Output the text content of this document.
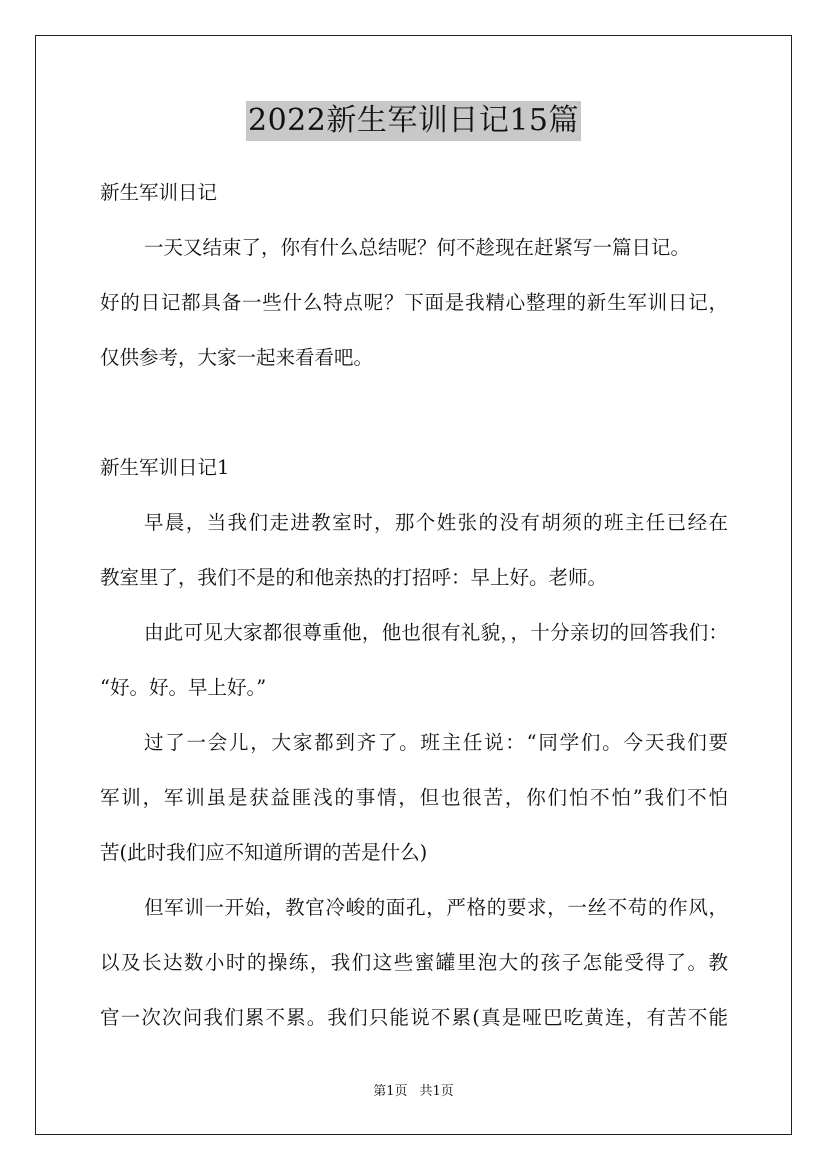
2022新生军训日记15篇
新生军训日记
一天又结束了，你有什么总结呢？何不趁现在赶紧写一篇日记。
好的日记都具备一些什么特点呢？下面是我精心整理的新生军训日记，
仅供参考，大家一起来看看吧。
新生军训日记1
早晨，当我们走进教室时，那个姓张的没有胡须的班主任已经在
教室里了，我们不是的和他亲热的打招呼：早上好。老师。
由此可见大家都很尊重他，他也很有礼貌，，十分亲切的回答我们：
“好。好。早上好。”
过了一会儿，大家都到齐了。班主任说：“同学们。今天我们要
军训，军训虽是获益匪浅的事情，但也很苦，你们怕不怕”我们不怕
苦(此时我们应不知道所谓的苦是什么)
但军训一开始，教官冷峻的面孔，严格的要求，一丝不苟的作风，
以及长达数小时的操练，我们这些蜜罐里泡大的孩子怎能受得了。教
官一次次问我们累不累。我们只能说不累(真是哑巴吃黄连，有苦不能
第1页 共1页
